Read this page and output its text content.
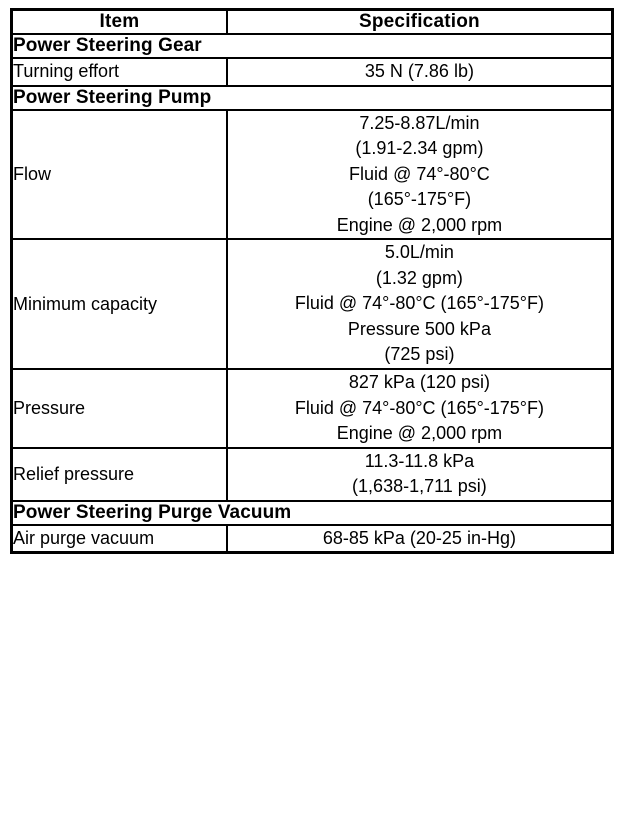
Item	Specification
Power Steering Gear	
Turning effort	35 N (7.86 lb)

Power Steering Pump	
Flow	7.25-8.87L/min
(1.91-2.34 gpm)
Fluid @ 74°-80°C
(165°-175°F)
Engine @ 2,000 rpm

Minimum capacity	5.0L/min
(1.32 gpm)
Fluid @ 74°-80°C (165°-175°F)
Pressure 500 kPa
(725 psi)

Pressure	827 kPa (120 psi)
Fluid @ 74°-80°C (165°-175°F)
Engine @ 2,000 rpm

Relief pressure	11.3-11.8 kPa
(1,638-1,711 psi)

Power Steering Purge Vacuum	
Air purge vacuum	68-85 kPa (20-25 in-Hg)
